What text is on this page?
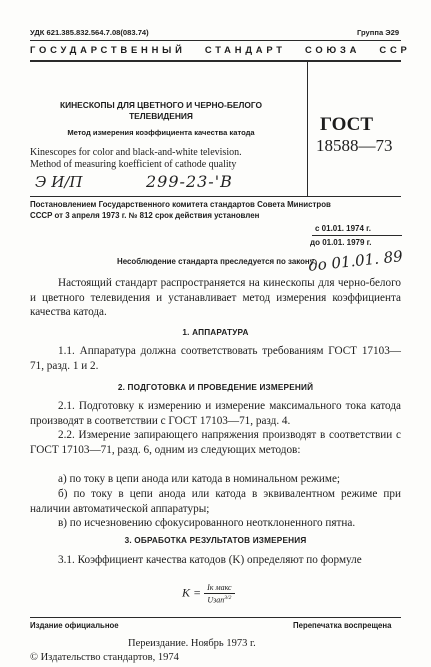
УДК 621.385.832.564.7.08(083.74)	Группа Э29
ГОСУДАРСТВЕННЫЙ   СТАНДАРТ   СОЮЗА   ССР
КИНЕСКОПЫ ДЛЯ ЦВЕТНОГО И ЧЕРНО-БЕЛОГО
ТЕЛЕВИДЕНИЯ
Метод измерения коэффициента качества катода
Kinescopes for color and black-and-white television.
Method of measuring koefficient of cathode quality
Э И/П	299-23-'В
ГОСТ
18588—73
Постановлением Государственного комитета стандартов Совета Министров
СССР от 3 апреля 1973 г. № 812 срок действия установлен
с 01.01. 1974 г.
до 01.01. 1979 г.
Несоблюдение стандарта преследуется по закону
до 01.01. 89
Настоящий стандарт распространяется на кинескопы для черно-белого и цветного телевидения и устанавливает метод измерения коэффициента качества катода.
1. АППАРАТУРА
1.1. Аппаратура должна соответствовать требованиям ГОСТ 17103—71, разд. 1 и 2.
2. ПОДГОТОВКА И ПРОВЕДЕНИЕ ИЗМЕРЕНИЙ
2.1. Подготовку к измерению и измерение максимального тока катода производят в соответствии с ГОСТ 17103—71, разд. 4.
2.2. Измерение запирающего напряжения производят в соответствии с ГОСТ 17103—71, разд. 6, одним из следующих методов:
а) по току в цепи анода или катода в номинальном режиме;
б) по току в цепи анода или катода в эквивалентном режиме при наличии автоматической аппаратуры;
в) по исчезновению сфокусированного неотклоненного пятна.
3. ОБРАБОТКА РЕЗУЛЬТАТОВ ИЗМЕРЕНИЯ
3.1. Коэффициент качества катодов (K) определяют по формуле
$K = \frac{\text{Iк макс}}{Uзап^{3/2}}$
Издание официальное	Перепечатка воспрещена
Переиздание. Ноябрь 1973 г.
© Издательство стандартов, 1974
